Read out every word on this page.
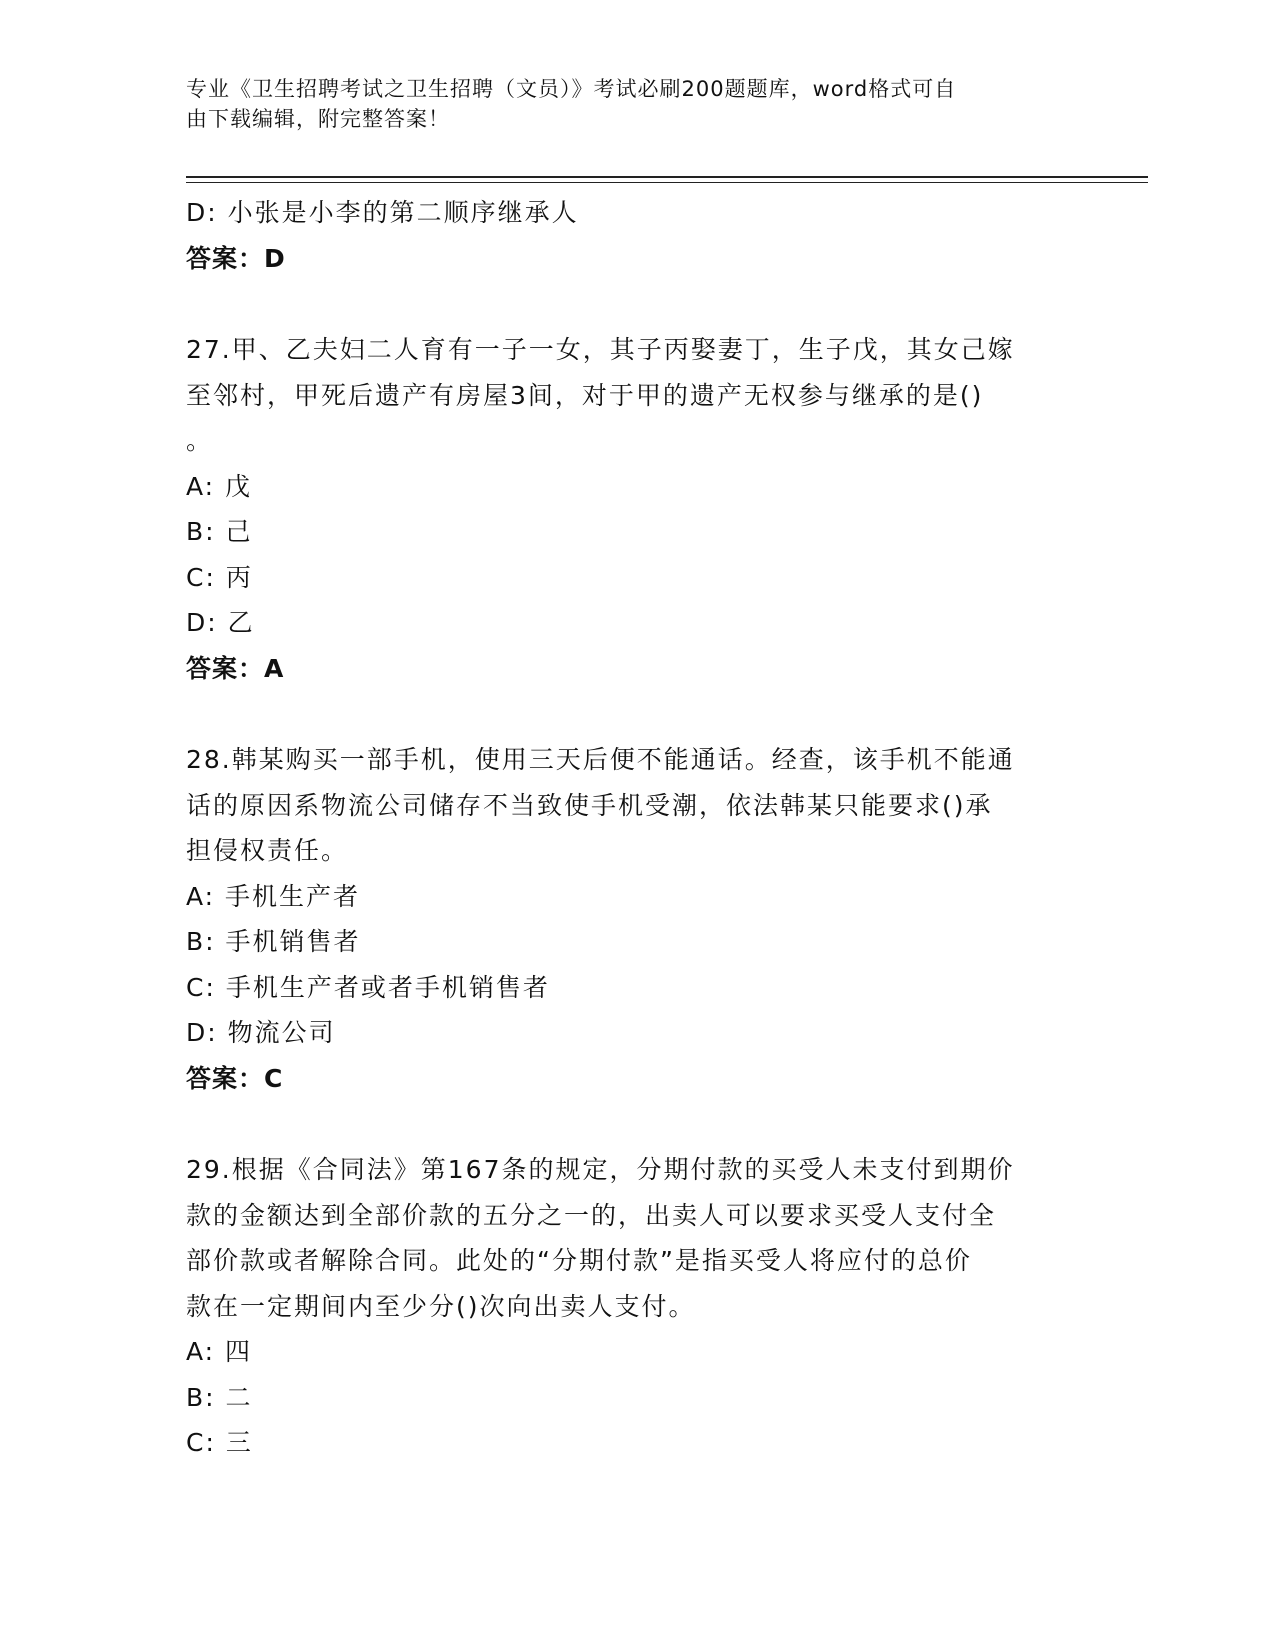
专业《卫生招聘考试之卫生招聘（文员）》考试必刷200题题库，word格式可自
由下载编辑，附完整答案！
D: 小张是小李的第二顺序继承人
答案：D
27.甲、乙夫妇二人育有一子一女，其子丙娶妻丁，生子戊，其女己嫁
至邻村，甲死后遗产有房屋3间，对于甲的遗产无权参与继承的是()
。
A: 戊
B: 己
C: 丙
D: 乙
答案：A
28.韩某购买一部手机，使用三天后便不能通话。经查，该手机不能通
话的原因系物流公司储存不当致使手机受潮，依法韩某只能要求()承
担侵权责任。
A: 手机生产者
B: 手机销售者
C: 手机生产者或者手机销售者
D: 物流公司
答案：C
29.根据《合同法》第167条的规定，分期付款的买受人未支付到期价
款的金额达到全部价款的五分之一的，出卖人可以要求买受人支付全
部价款或者解除合同。此处的“分期付款”是指买受人将应付的总价
款在一定期间内至少分()次向出卖人支付。
A: 四
B: 二
C: 三
